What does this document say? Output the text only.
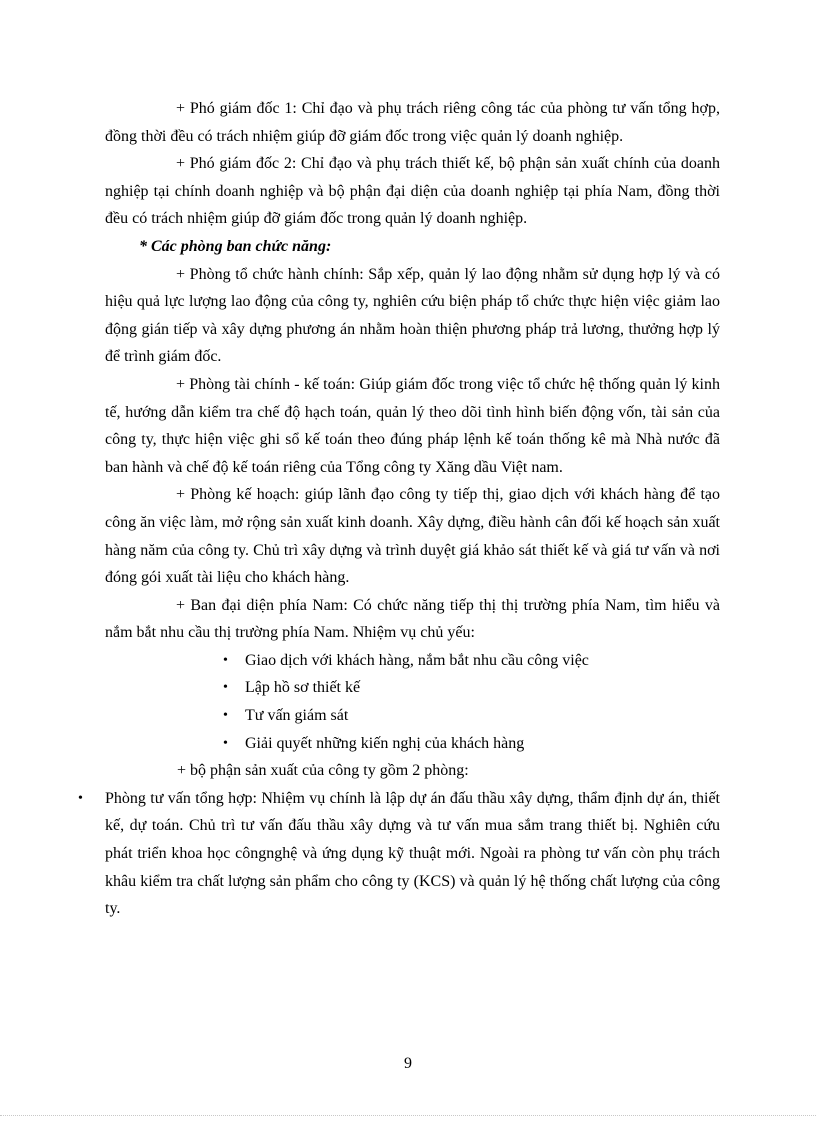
+ Phó giám đốc 1: Chỉ đạo và phụ trách riêng công tác của phòng tư vấn tổng hợp, đồng thời đều có trách nhiệm giúp đỡ giám đốc trong việc quản lý doanh nghiệp.

+ Phó giám đốc 2: Chỉ đạo và phụ trách thiết kế, bộ phận sản xuất chính của doanh nghiệp tại chính doanh nghiệp và bộ phận đại diện của doanh nghiệp tại phía Nam, đồng thời đều có trách nhiệm giúp đỡ giám đốc trong quản lý doanh nghiệp.

* Các phòng ban chức năng:

+ Phòng tổ chức hành chính: Sắp xếp, quản lý lao động nhằm sử dụng hợp lý và có hiệu quả lực lượng lao động của công ty, nghiên cứu biện pháp tổ chức thực hiện việc giảm lao động gián tiếp và xây dựng phương án nhằm hoàn thiện phương pháp trả lương, thưởng hợp lý để trình giám đốc.

+ Phòng tài chính - kế toán: Giúp giám đốc trong việc tổ chức hệ thống quản lý kinh tế, hướng dẫn kiểm tra chế độ hạch toán, quản lý theo dõi tình hình biến động vốn, tài sản của công ty, thực hiện việc ghi sổ kế toán theo đúng pháp lệnh kế toán thống kê mà Nhà nước đã ban hành và chế độ kế toán riêng của Tổng công ty Xăng dầu Việt nam.

+ Phòng kế hoạch: giúp lãnh đạo công ty tiếp thị, giao dịch với khách hàng để tạo công ăn việc làm, mở rộng sản xuất kinh doanh. Xây dựng, điều hành cân đối kế hoạch sản xuất hàng năm của công ty. Chủ trì xây dựng và trình duyệt giá khảo sát thiết kế và giá tư vấn và nơi đóng gói xuất tài liệu cho khách hàng.

+ Ban đại diện phía Nam: Có chức năng tiếp thị thị trường phía Nam, tìm hiểu và nắm bắt nhu cầu thị trường phía Nam. Nhiệm vụ chủ yếu:

• Giao dịch với khách hàng, nắm bắt nhu cầu công việc
• Lập hồ sơ thiết kế
• Tư vấn giám sát
• Giải quyết những kiến nghị của khách hàng

+ bộ phận sản xuất của công ty gồm 2 phòng:

• Phòng tư vấn tổng hợp: Nhiệm vụ chính là lập dự án đấu thầu xây dựng, thẩm định dự án, thiết kế, dự toán. Chủ trì tư vấn đấu thầu xây dựng và tư vấn mua sắm trang thiết bị. Nghiên cứu phát triển khoa học côngnghệ và ứng dụng kỹ thuật mới. Ngoài ra phòng tư vấn còn phụ trách khâu kiểm tra chất lượng sản phẩm cho công ty (KCS) và quản lý hệ thống chất lượng của công ty.

9
